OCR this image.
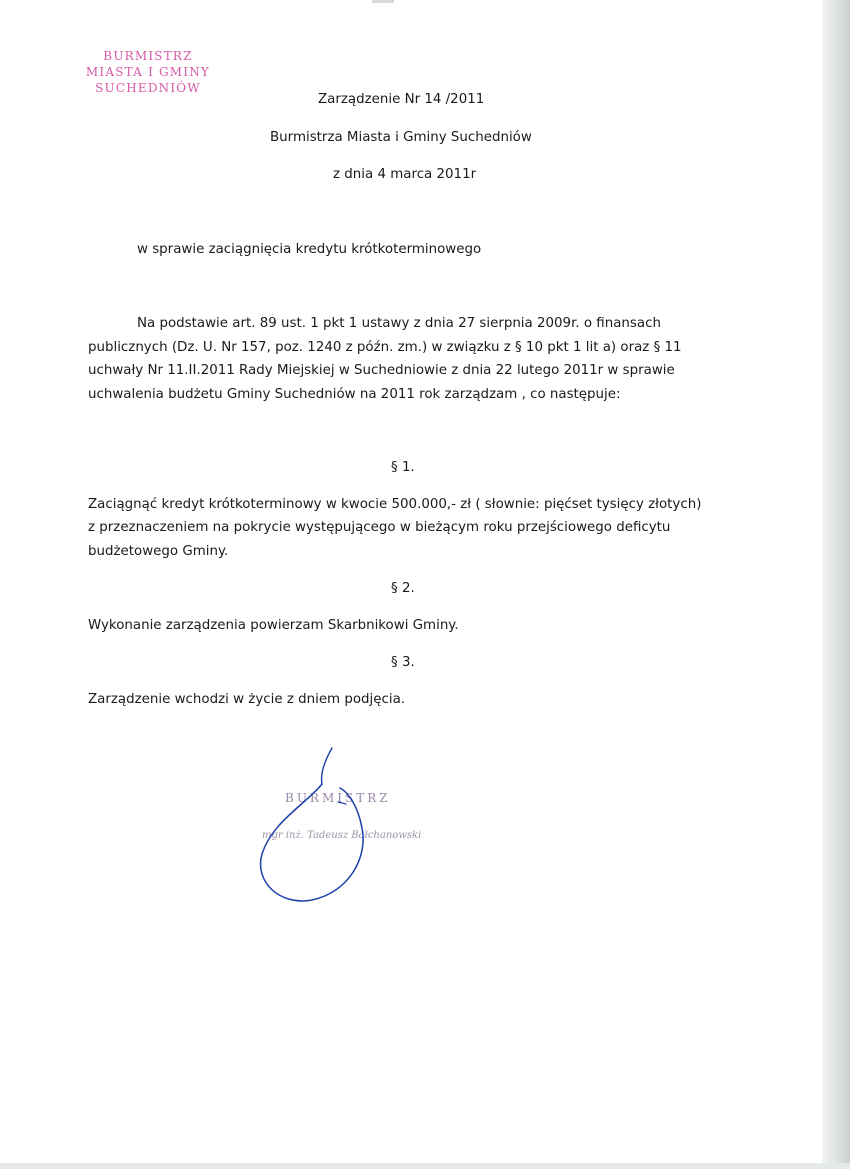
BURMISTRZ
MIASTA I GMINY
SUCHEDNIÓW
Zarządzenie Nr 14 /2011
Burmistrza Miasta i Gminy Suchedniów
z dnia 4 marca 2011r
w sprawie zaciągnięcia kredytu krótkoterminowego
Na podstawie art. 89 ust. 1 pkt 1 ustawy z dnia 27 sierpnia 2009r. o finansach
publicznych (Dz. U. Nr 157, poz. 1240 z późn. zm.) w związku z § 10 pkt 1 lit a) oraz § 11
uchwały Nr 11.II.2011 Rady Miejskiej w Suchedniowie z dnia 22 lutego 2011r w sprawie
uchwalenia budżetu Gminy Suchedniów na 2011 rok zarządzam , co następuje:
§ 1.
Zaciągnąć kredyt krótkoterminowy w kwocie 500.000,- zł ( słownie: pięćset tysięcy złotych)
z przeznaczeniem na pokrycie występującego w bieżącym roku przejściowego deficytu
budżetowego Gminy.
§ 2.
Wykonanie zarządzenia powierzam Skarbnikowi Gminy.
§ 3.
Zarządzenie wchodzi w życie z dniem podjęcia.
BURMISTRZ
mgr inż. Tadeusz Bałchanowski
